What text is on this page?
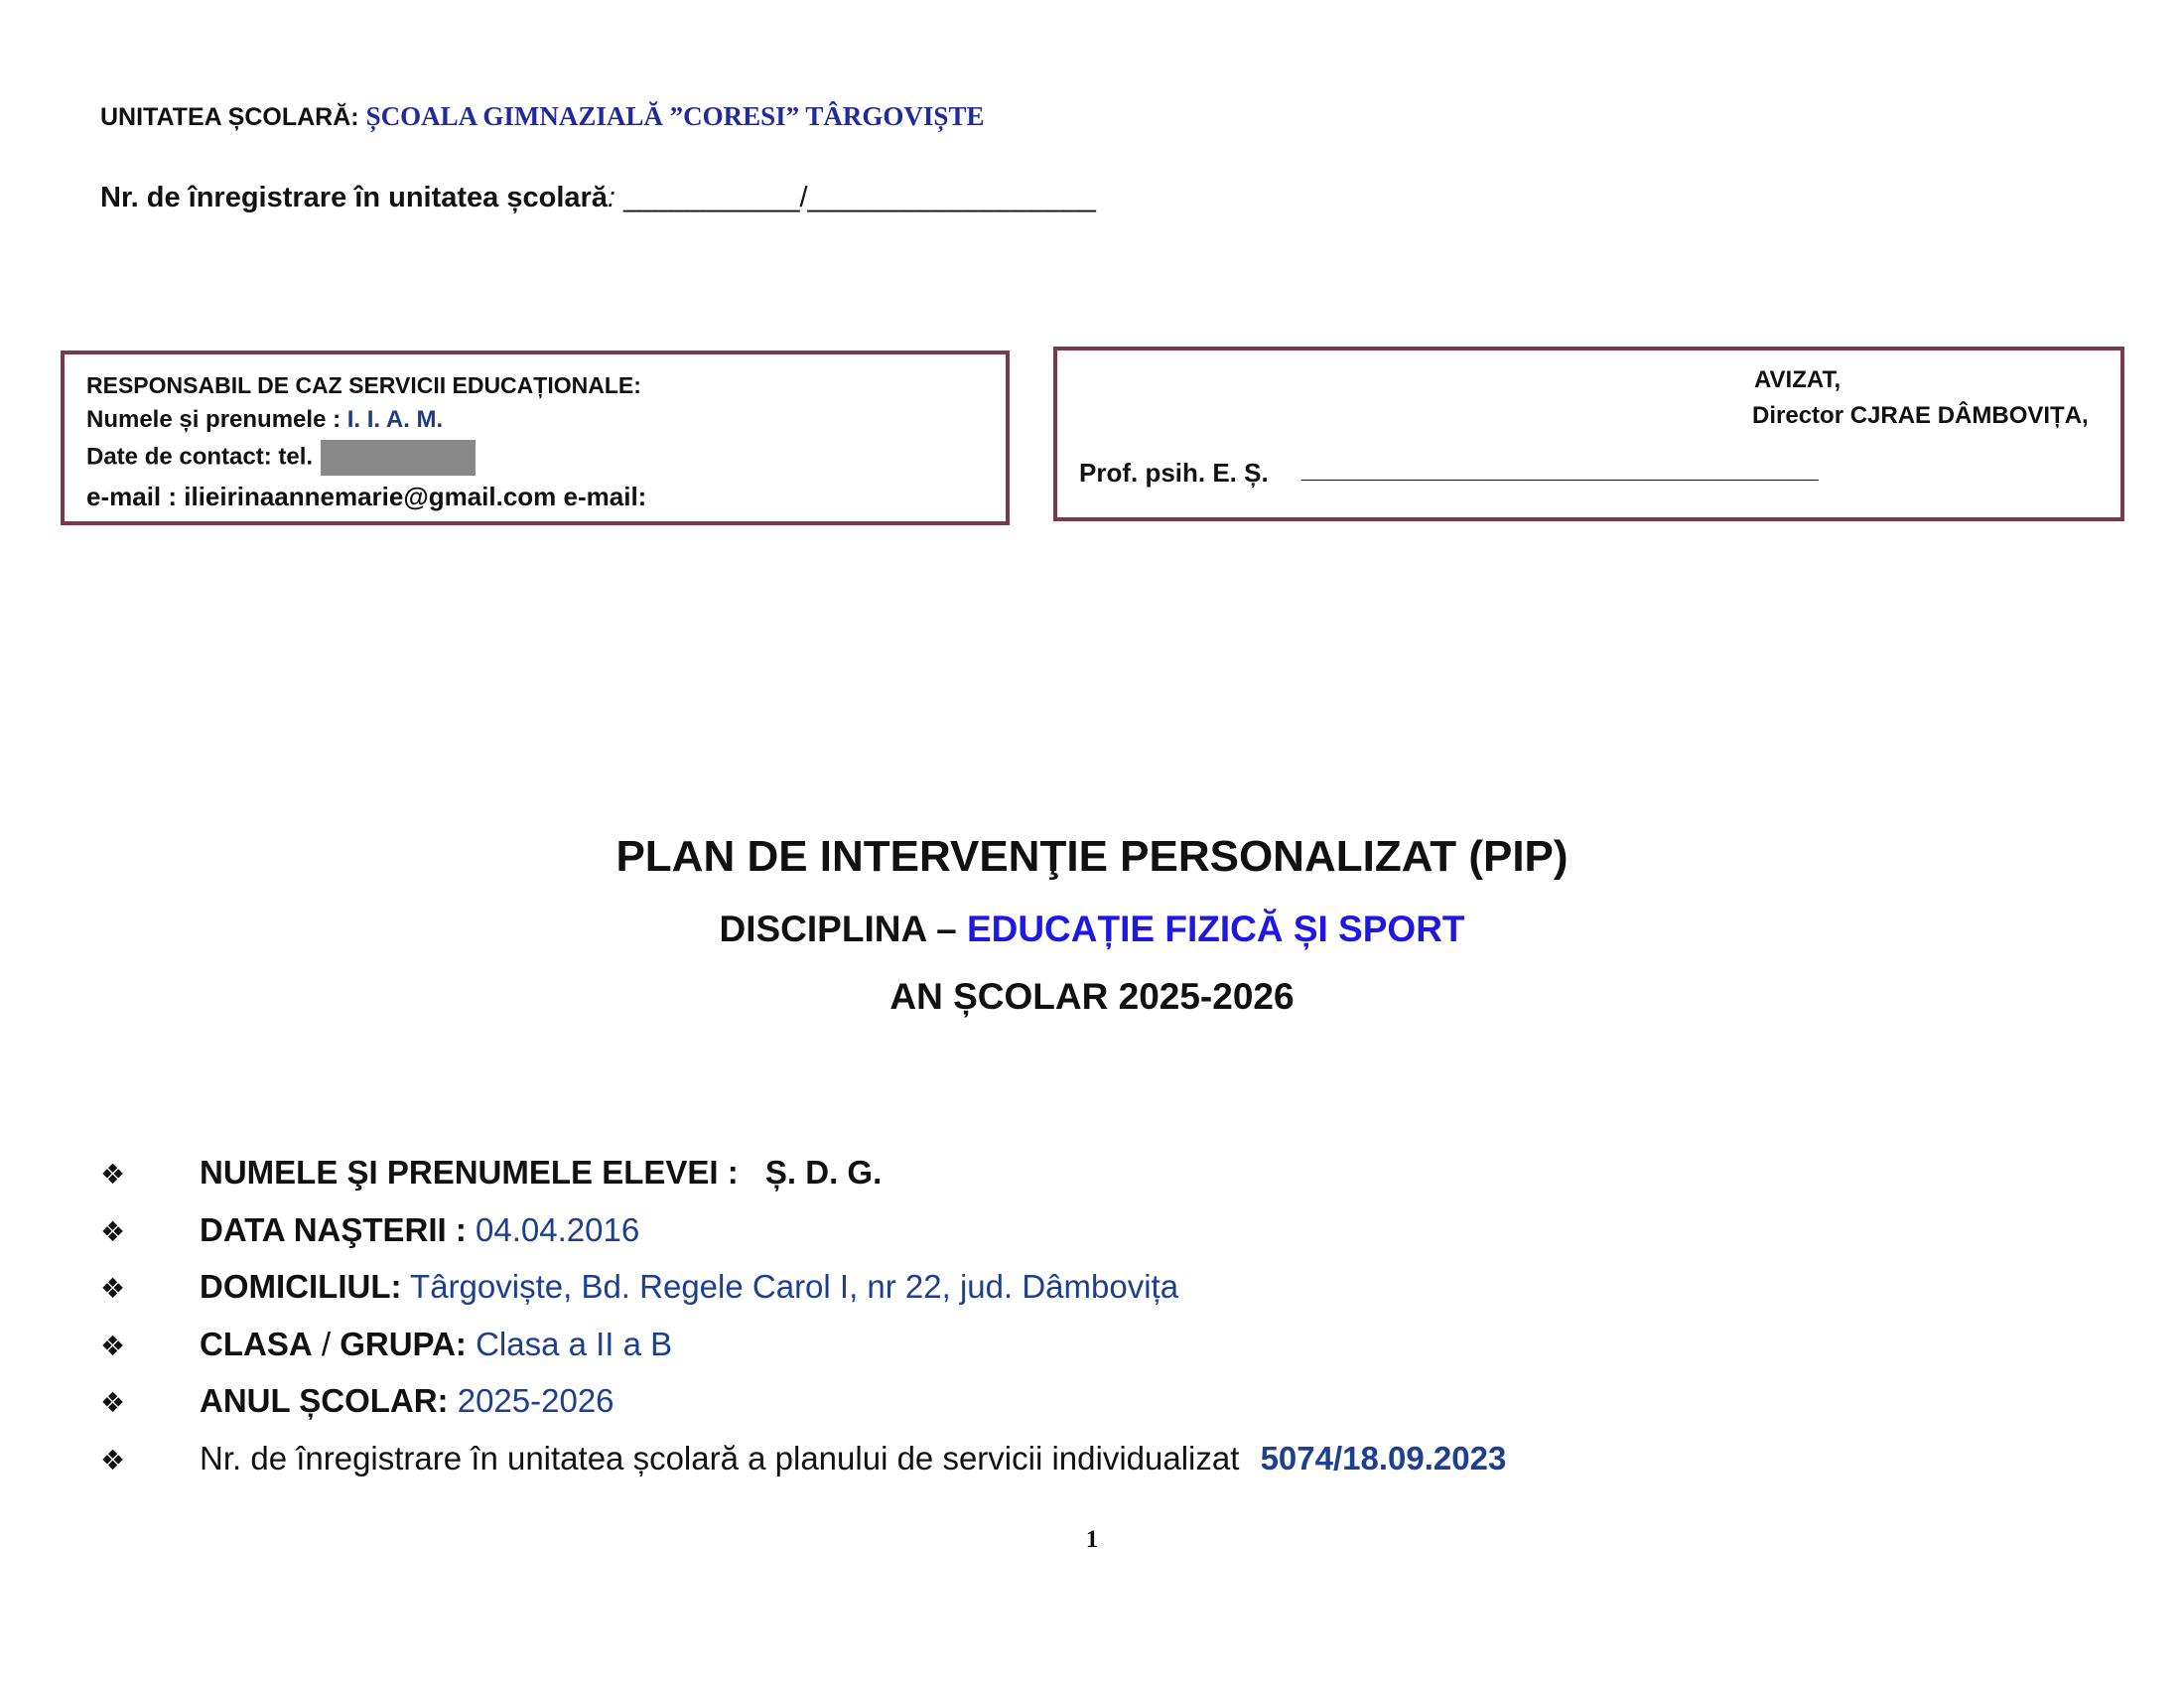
UNITATEA ȘCOLARĂ: ȘCOALA GIMNAZIALĂ ”CORESI” TÂRGOVIȘTE
Nr. de înregistrare în unitatea școlară: ___________/__________________
RESPONSABIL DE CAZ SERVICII EDUCAȚIONALE:
Numele și prenumele : I. I. A. M.
Date de contact: tel.
e-mail : ilieirinaannemarie@gmail.com e-mail:
AVIZAT,
Director CJRAE DÂMBOVIȚA,
Prof. psih. E. Ș. ____________________________________
PLAN DE INTERVENŢIE PERSONALIZAT (PIP)
DISCIPLINA – EDUCAȚIE FIZICĂ ȘI SPORT
AN ȘCOLAR 2025-2026
❖ NUMELE ŞI PRENUMELE ELEVEI : Ș. D. G.
❖ DATA NAŞTERII : 04.04.2016
❖ DOMICILIUL: Târgoviște, Bd. Regele Carol I, nr 22, jud. Dâmbovița
❖ CLASA / GRUPA: Clasa a II a B
❖ ANUL ȘCOLAR: 2025-2026
❖ Nr. de înregistrare în unitatea școlară a planului de servicii individualizat 5074/18.09.2023
1
